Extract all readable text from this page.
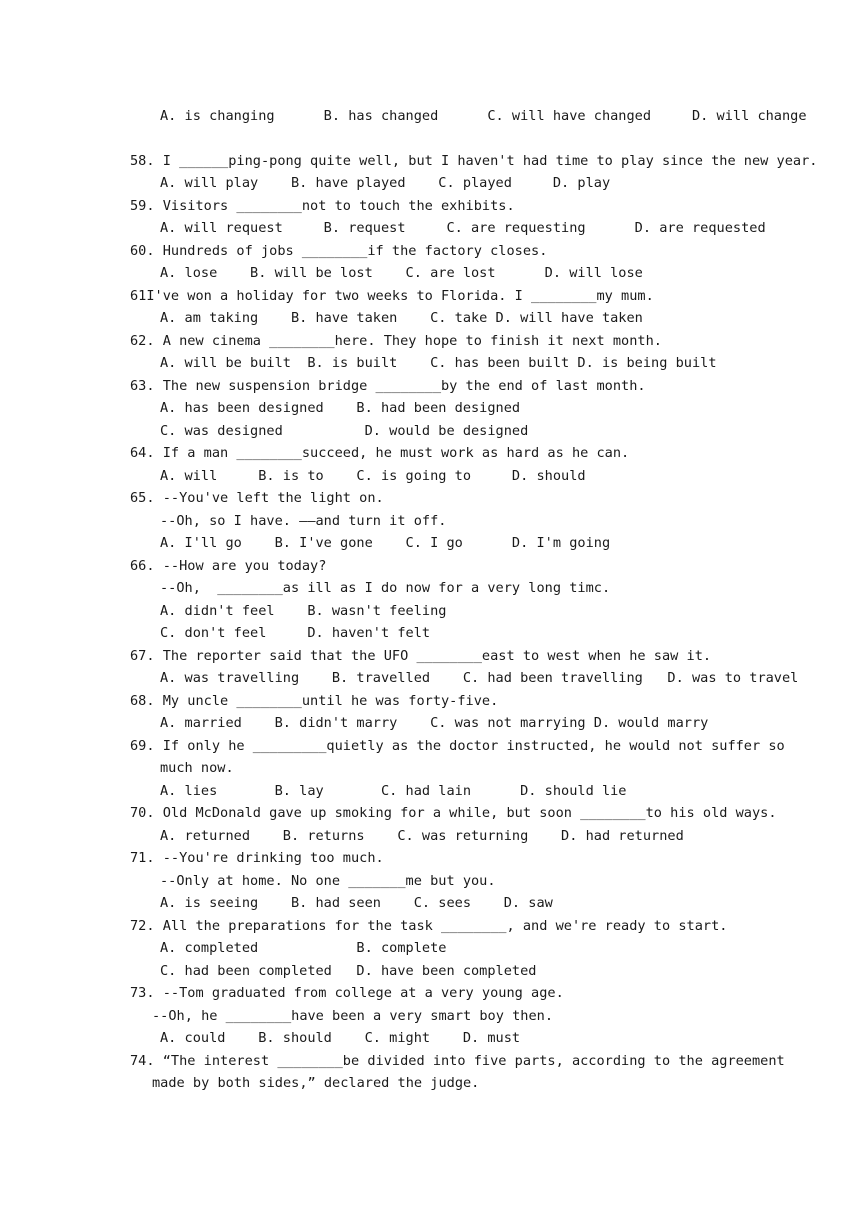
A. is changing      B. has changed      C. will have changed     D. will change
58. I ______ping-pong quite well, but I haven't had time to play since the new year.
A. will play    B. have played    C. played     D. play
59. Visitors ________not to touch the exhibits.
A. will request     B. request     C. are requesting      D. are requested
60. Hundreds of jobs ________if the factory closes.
A. lose    B. will be lost    C. are lost      D. will lose
61I've won a holiday for two weeks to Florida. I ________my mum.
A. am taking    B. have taken    C. take D. will have taken
62. A new cinema ________here. They hope to finish it next month.
A. will be built  B. is built    C. has been built D. is being built
63. The new suspension bridge ________by the end of last month.
A. has been designed    B. had been designed
C. was designed          D. would be designed
64. If a man ________succeed, he must work as hard as he can.
A. will     B. is to    C. is going to     D. should
65. --You've left the light on.
--Oh, so I have. ——and turn it off.
A. I'll go    B. I've gone    C. I go      D. I'm going
66. --How are you today?
--Oh,  ________as ill as I do now for a very long timc.
A. didn't feel    B. wasn't feeling
C. don't feel     D. haven't felt
67. The reporter said that the UFO ________east to west when he saw it.
A. was travelling    B. travelled    C. had been travelling   D. was to travel
68. My uncle ________until he was forty-five.
A. married    B. didn't marry    C. was not marrying D. would marry
69. If only he _________quietly as the doctor instructed, he would not suffer so
much now.
A. lies       B. lay       C. had lain      D. should lie
70. Old McDonald gave up smoking for a while, but soon ________to his old ways.
A. returned    B. returns    C. was returning    D. had returned
71. --You're drinking too much.
--Only at home. No one _______me but you.
A. is seeing    B. had seen    C. sees    D. saw
72. All the preparations for the task ________, and we're ready to start.
A. completed            B. complete
C. had been completed   D. have been completed
73. --Tom graduated from college at a very young age.
--Oh, he ________have been a very smart boy then.
A. could    B. should    C. might    D. must
74. “The interest ________be divided into five parts, according to the agreement
made by both sides,” declared the judge.
